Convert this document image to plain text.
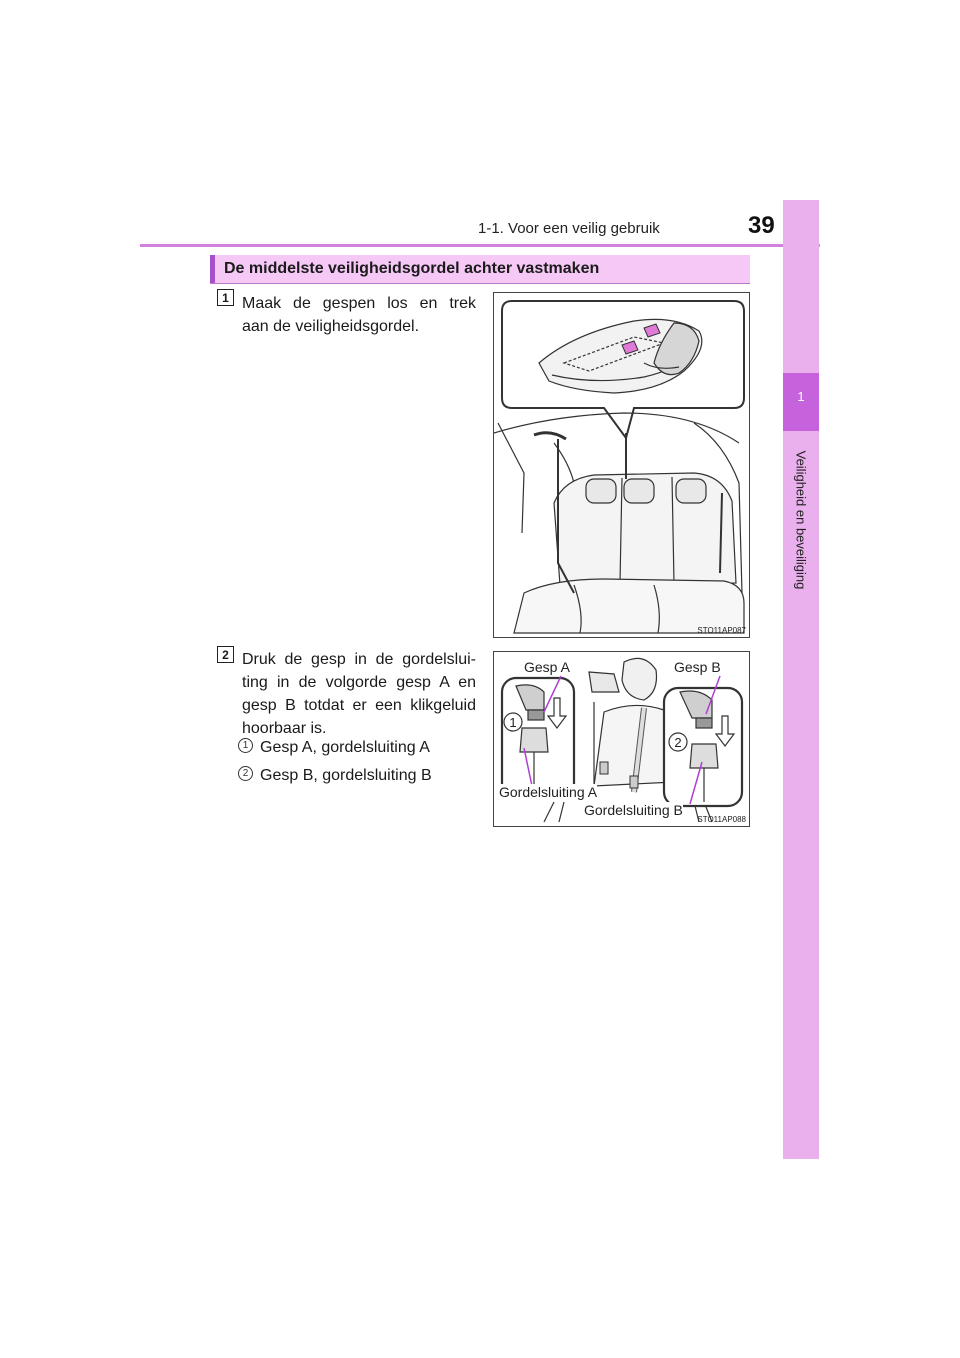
1-1. Voor een veilig gebruik	39
1
Veiligheid en beveiliging
De middelste veiligheidsgordel achter vastmaken
1 Maak de gespen los en trek
aan de veiligheidsgordel.
2 Druk de gesp in de gordelslui-
ting in de volgorde gesp A en
gesp B totdat er een klikgeluid
hoorbaar is.
1 Gesp A, gordelsluiting A
2 Gesp B, gordelsluiting B
STO11AP087
1
2
Gesp A	Gesp B
Gordelsluiting A
Gordelsluiting B
STO11AP088
